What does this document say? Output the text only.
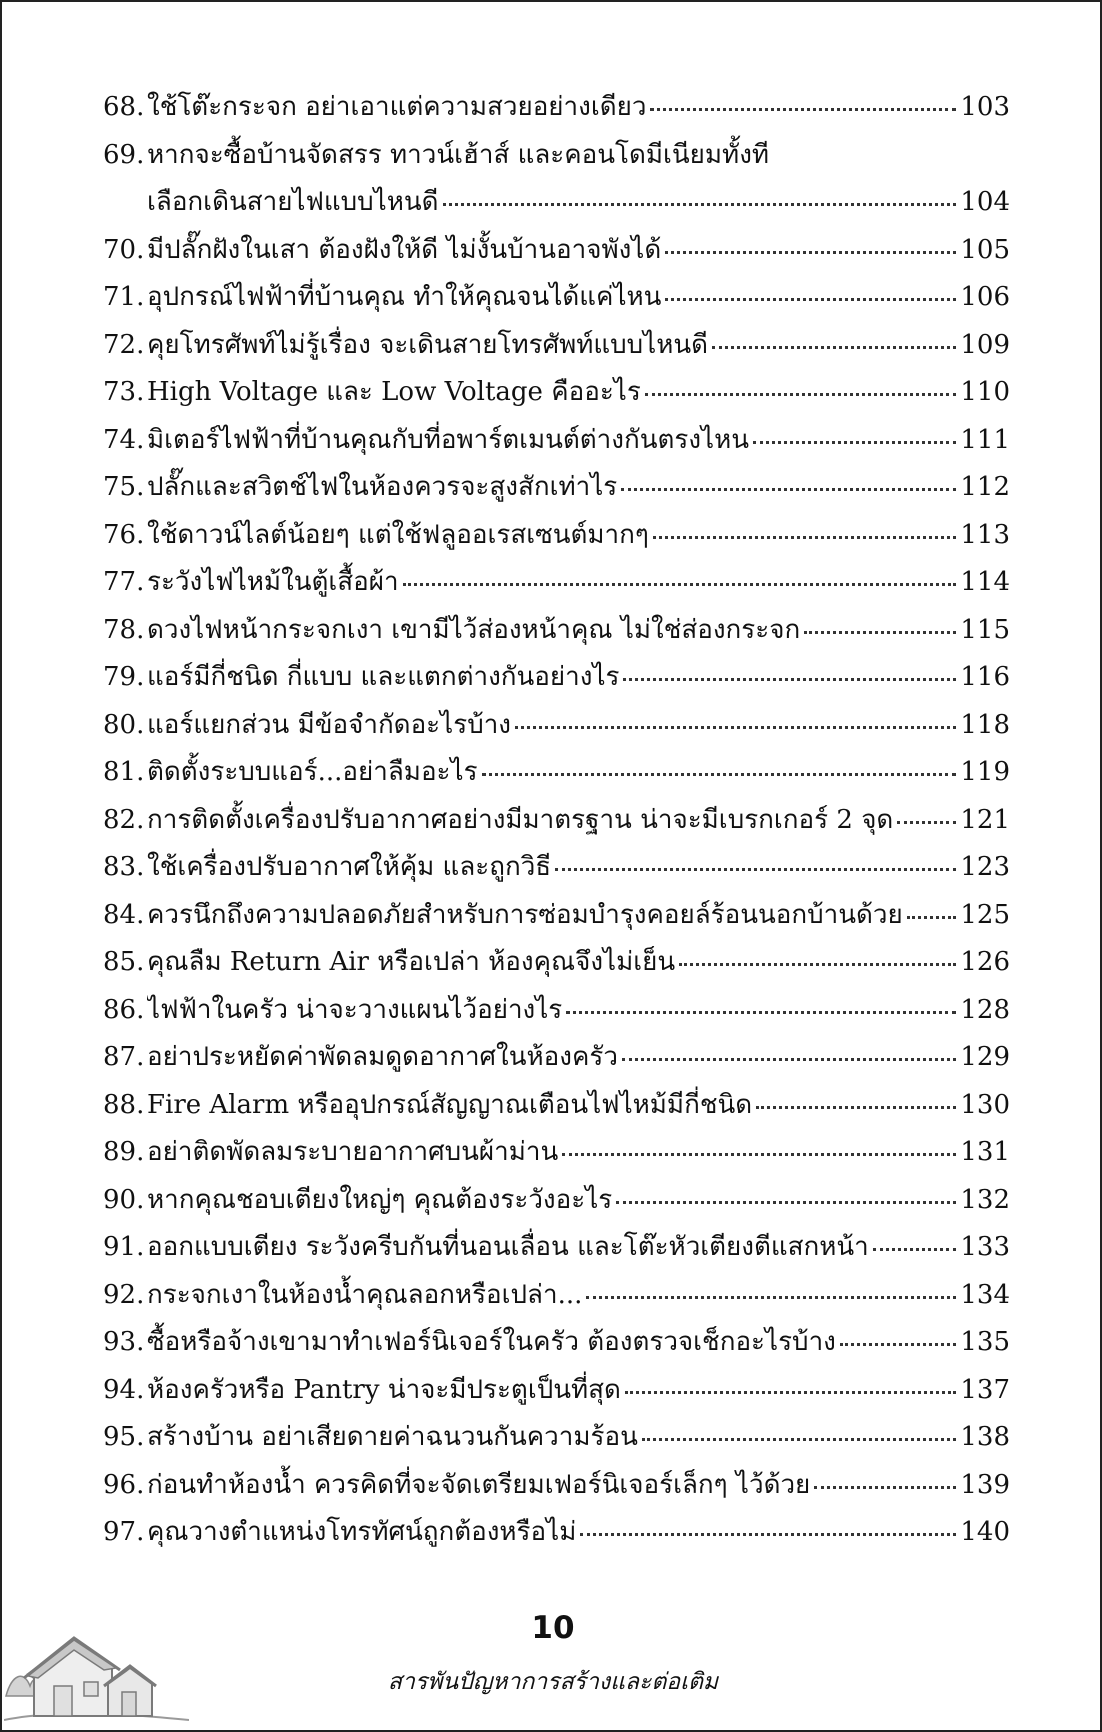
68. ใช้โต๊ะกระจก อย่าเอาแต่ความสวยอย่างเดียว	103
69. หากจะซื้อบ้านจัดสรร ทาวน์เฮ้าส์ และคอนโดมีเนียมทั้งที
เลือกเดินสายไฟแบบไหนดี	104
70. มีปลั๊กฝังในเสา ต้องฝังให้ดี ไม่งั้นบ้านอาจพังได้	105
71. อุปกรณ์ไฟฟ้าที่บ้านคุณ ทำให้คุณจนได้แค่ไหน	106
72. คุยโทรศัพท์ไม่รู้เรื่อง จะเดินสายโทรศัพท์แบบไหนดี	109
73. High Voltage และ Low Voltage คืออะไร	110
74. มิเตอร์ไฟฟ้าที่บ้านคุณกับที่อพาร์ตเมนต์ต่างกันตรงไหน	111
75. ปลั๊กและสวิตช์ไฟในห้องควรจะสูงสักเท่าไร	112
76. ใช้ดาวน์ไลต์น้อยๆ แต่ใช้ฟลูออเรสเซนต์มากๆ	113
77. ระวังไฟไหม้ในตู้เสื้อผ้า	114
78. ดวงไฟหน้ากระจกเงา เขามีไว้ส่องหน้าคุณ ไม่ใช่ส่องกระจก	115
79. แอร์มีกี่ชนิด กี่แบบ และแตกต่างกันอย่างไร	116
80. แอร์แยกส่วน มีข้อจำกัดอะไรบ้าง	118
81. ติดตั้งระบบแอร์...อย่าลืมอะไร	119
82. การติดตั้งเครื่องปรับอากาศอย่างมีมาตรฐาน น่าจะมีเบรกเกอร์ 2 จุด	121
83. ใช้เครื่องปรับอากาศให้คุ้ม และถูกวิธี	123
84. ควรนึกถึงความปลอดภัยสำหรับการซ่อมบำรุงคอยล์ร้อนนอกบ้านด้วย 125
85. คุณลืม Return Air หรือเปล่า ห้องคุณจึงไม่เย็น	126
86. ไฟฟ้าในครัว น่าจะวางแผนไว้อย่างไร	128
87. อย่าประหยัดค่าพัดลมดูดอากาศในห้องครัว	129
88. Fire Alarm หรืออุปกรณ์สัญญาณเตือนไฟไหม้มีกี่ชนิด	130
89. อย่าติดพัดลมระบายอากาศบนผ้าม่าน	131
90. หากคุณชอบเตียงใหญ่ๆ คุณต้องระวังอะไร	132
91. ออกแบบเตียง ระวังครีบกันที่นอนเลื่อน และโต๊ะหัวเตียงตีแสกหน้า	133
92. กระจกเงาในห้องน้ำคุณลอกหรือเปล่า...	134
93. ซื้อหรือจ้างเขามาทำเฟอร์นิเจอร์ในครัว ต้องตรวจเช็กอะไรบ้าง	135
94. ห้องครัวหรือ Pantry น่าจะมีประตูเป็นที่สุด	137
95. สร้างบ้าน อย่าเสียดายค่าฉนวนกันความร้อน	138
96. ก่อนทำห้องน้ำ ควรคิดที่จะจัดเตรียมเฟอร์นิเจอร์เล็กๆ ไว้ด้วย	139
97. คุณวางตำแหน่งโทรทัศน์ถูกต้องหรือไม่	140
10
สารพันปัญหาการสร้างและต่อเติม
